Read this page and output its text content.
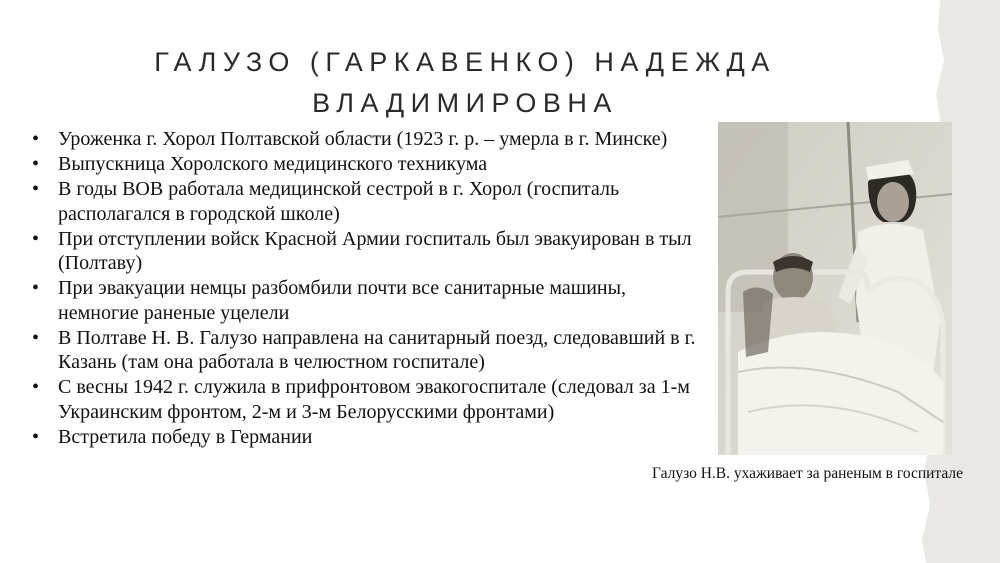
ГАЛУЗО (ГАРКАВЕНКО) НАДЕЖДА
ВЛАДИМИРОВНА
• Уроженка г. Хорол Полтавской области (1923 г. р. – умерла в г. Минске)
• Выпускница Хоролского медицинского техникума
• В годы ВОВ работала медицинской сестрой в г. Хорол (госпиталь располагался в городской школе)
• При отступлении войск Красной Армии госпиталь был эвакуирован в тыл (Полтаву)
• При эвакуации немцы разбомбили почти все санитарные машины, немногие раненые уцелели
• В Полтаве Н. В. Галузо направлена на санитарный поезд, следовавший в г. Казань (там она работала в челюстном госпитале)
• С весны 1942 г. служила в прифронтовом эвакогоспитале (следовал за 1-м Украинским фронтом, 2-м и 3-м Белорусскими фронтами)
• Встретила победу в Германии
Галузо Н.В. ухаживает за раненым в госпитале
